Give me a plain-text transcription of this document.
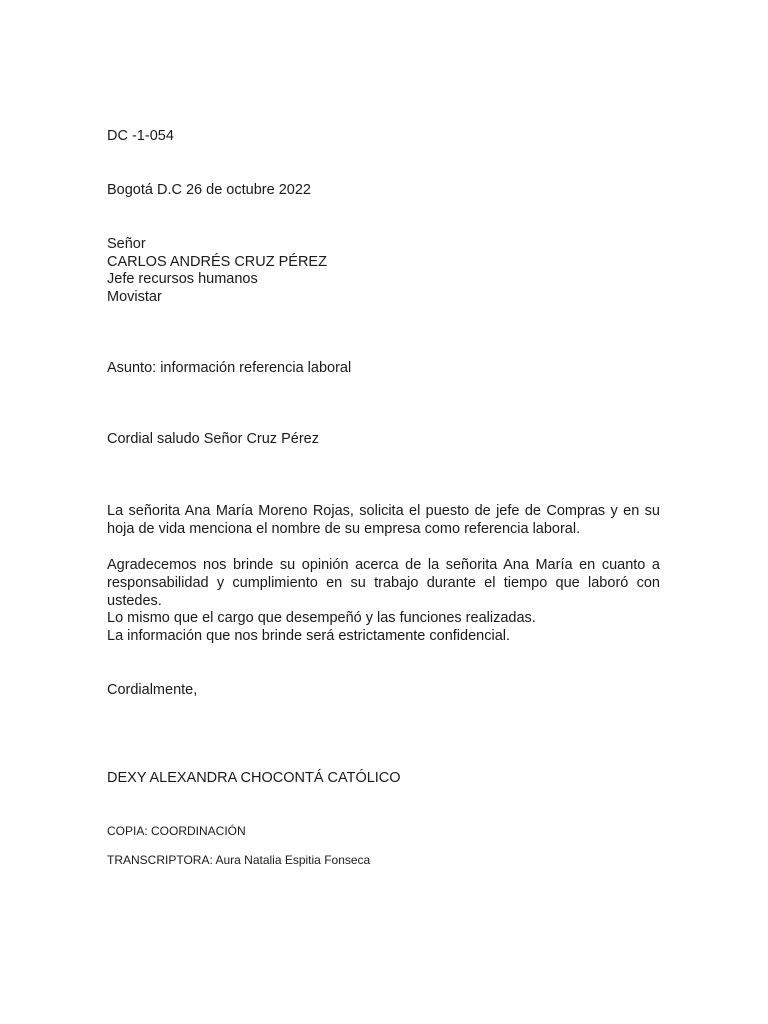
DC -1-054

Bogotá D.C 26 de octubre 2022

Señor
CARLOS ANDRÉS CRUZ PÉREZ
Jefe recursos humanos
Movistar

Asunto: información referencia laboral

Cordial saludo Señor Cruz Pérez

La señorita Ana María Moreno Rojas, solicita el puesto de jefe de Compras y en su
hoja de vida menciona el nombre de su empresa como referencia laboral.
Agradecemos nos brinde su opinión acerca de la señorita Ana María en cuanto a
responsabilidad y cumplimiento en su trabajo durante el tiempo que laboró con
ustedes.
Lo mismo que el cargo que desempeñó y las funciones realizadas.
La información que nos brinde será estrictamente confidencial.

Cordialmente,

DEXY ALEXANDRA CHOCONTÁ CATÓLICO

COPIA: COORDINACIÓN

TRANSCRIPTORA: Aura Natalia Espitia Fonseca
